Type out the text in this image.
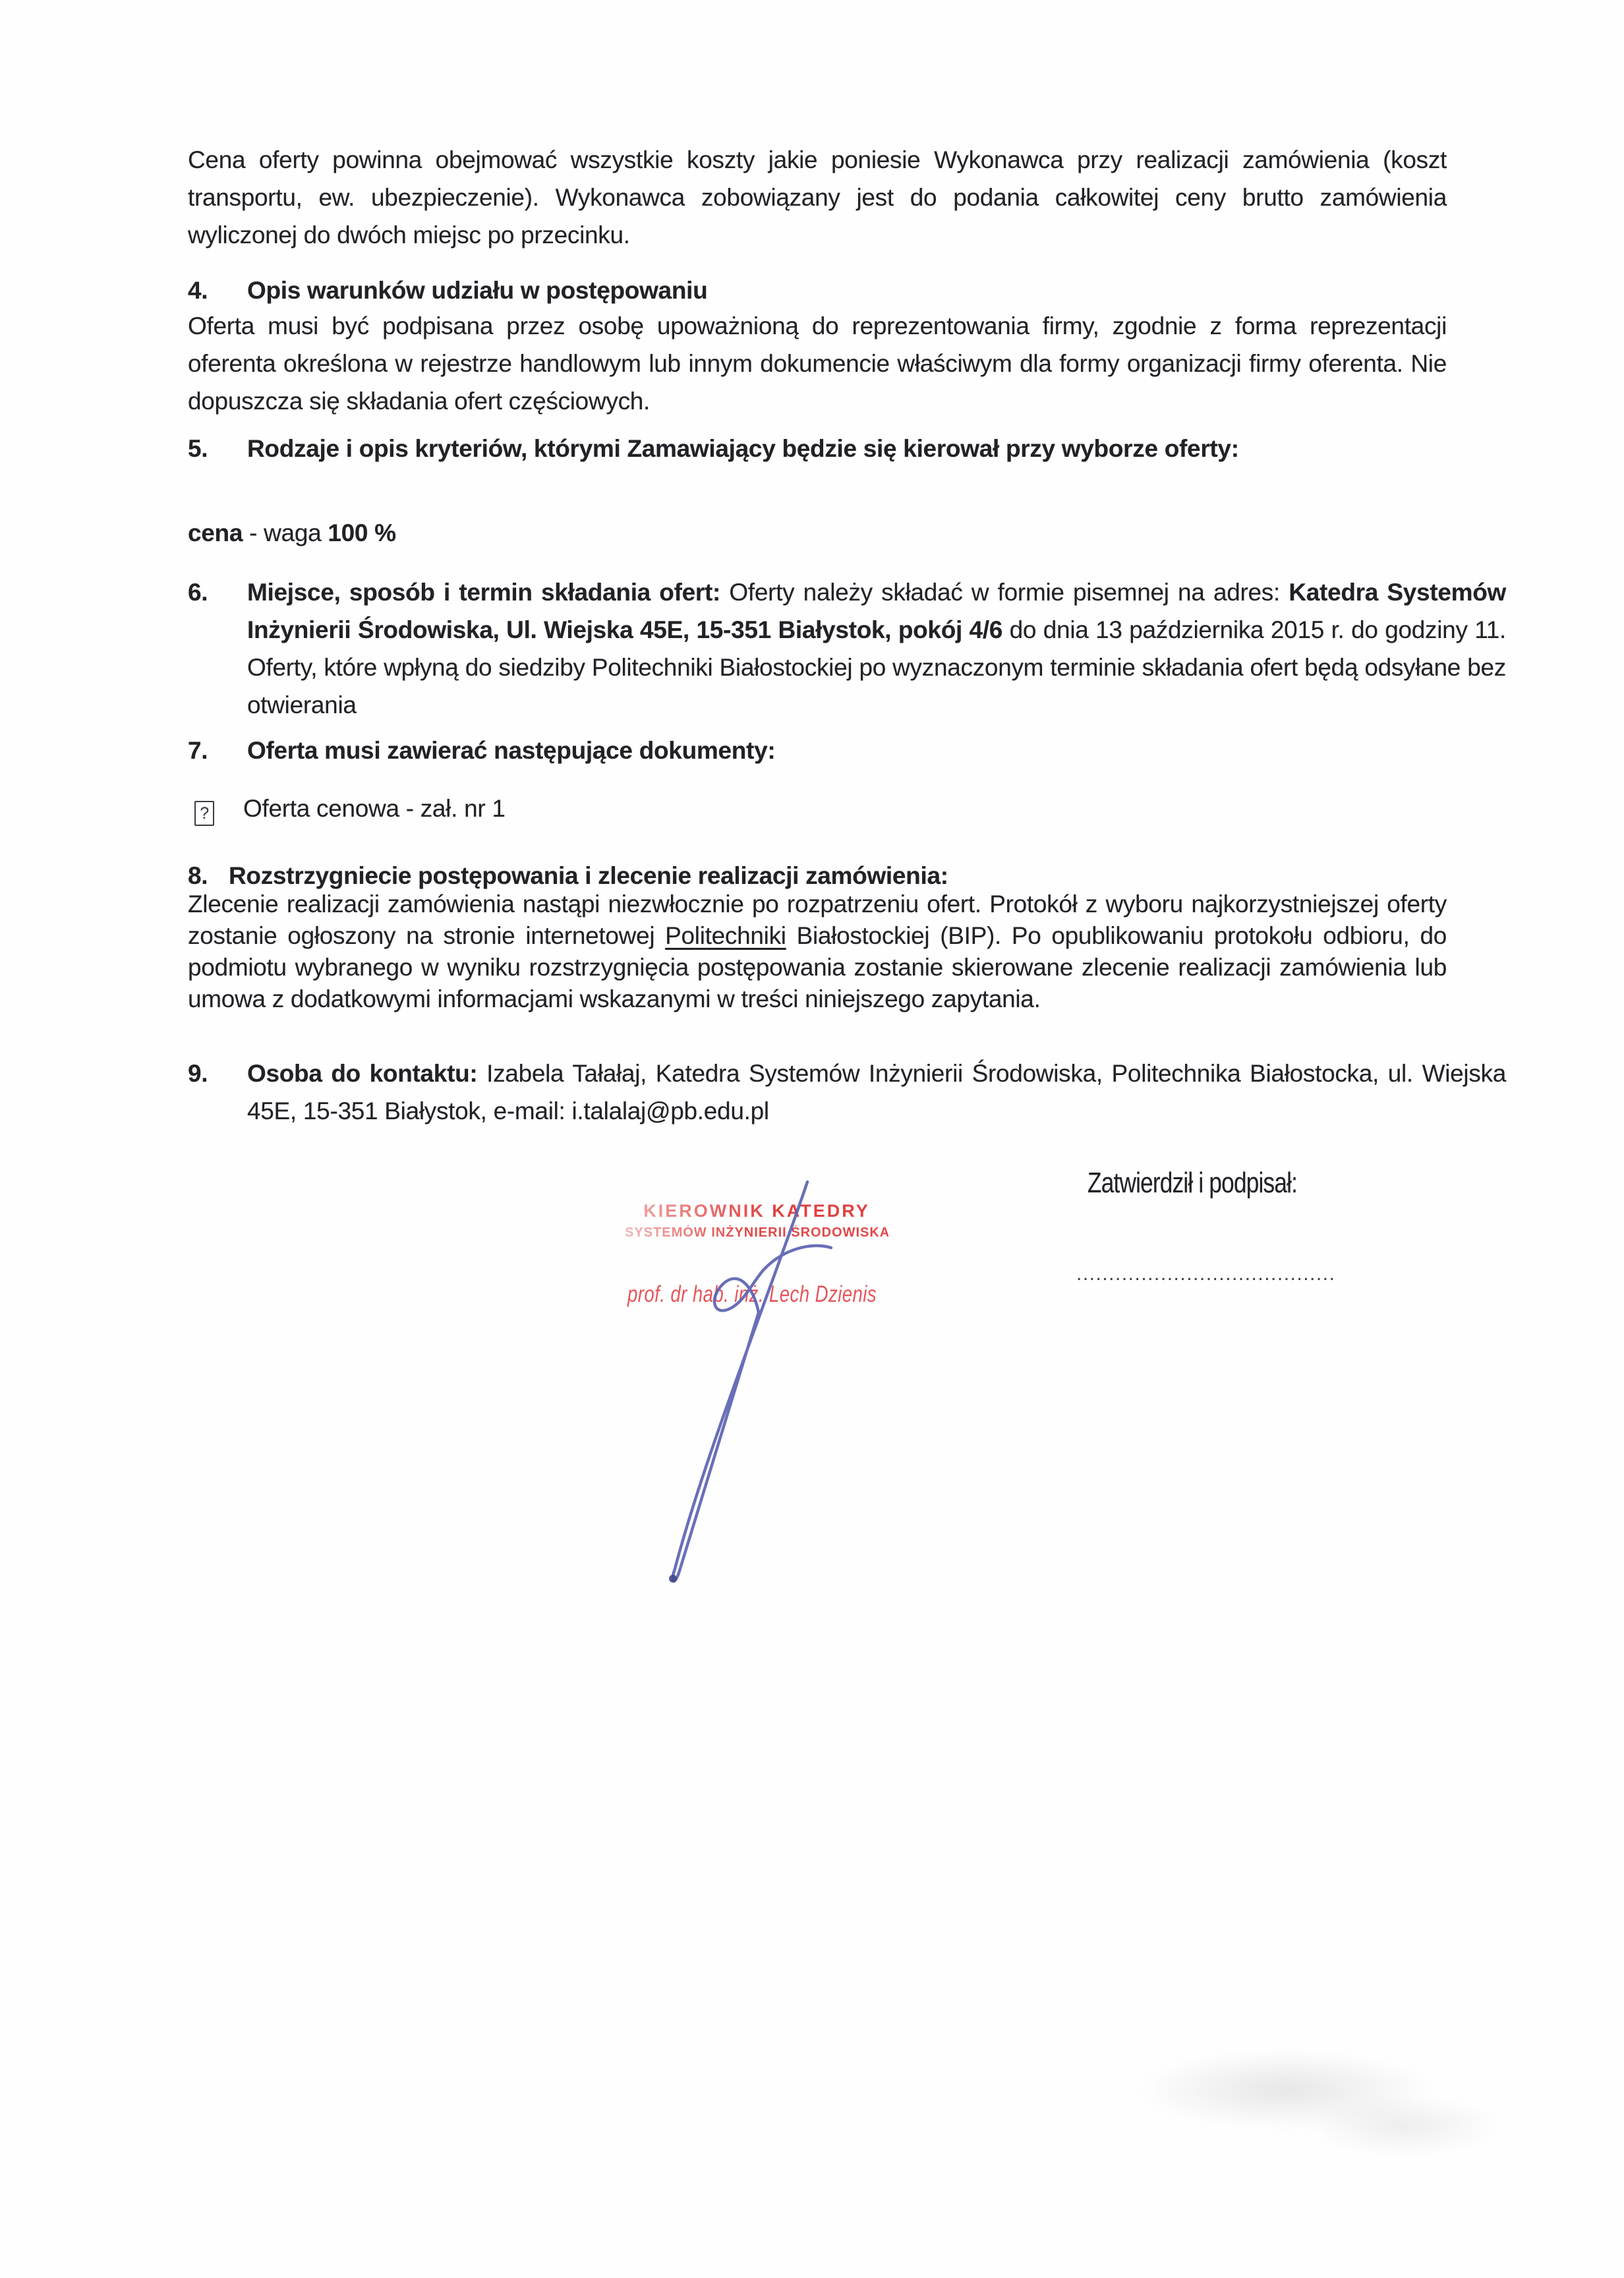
Cena oferty powinna obejmować wszystkie koszty jakie poniesie Wykonawca przy realizacji zamówienia (koszt transportu, ew. ubezpieczenie). Wykonawca zobowiązany jest do podania całkowitej ceny brutto zamówienia wyliczonej do dwóch miejsc po przecinku.
4. Opis warunków udziału w postępowaniu
Oferta musi być podpisana przez osobę upoważnioną do reprezentowania firmy, zgodnie z forma reprezentacji oferenta określona w rejestrze handlowym lub innym dokumencie właściwym dla formy organizacji firmy oferenta. Nie dopuszcza się składania ofert częściowych.
5. Rodzaje i opis kryteriów, którymi Zamawiający będzie się kierował przy wyborze oferty:
cena - waga 100 %
6. Miejsce, sposób i termin składania ofert: Oferty należy składać w formie pisemnej na adres: Katedra Systemów Inżynierii Środowiska, Ul. Wiejska 45E, 15-351 Białystok, pokój 4/6 do dnia 13 października 2015 r. do godziny 11. Oferty, które wpłyną do siedziby Politechniki Białostockiej po wyznaczonym terminie składania ofert będą odsyłane bez otwierania
7. Oferta musi zawierać następujące dokumenty:
? Oferta cenowa - zał. nr 1
8. Rozstrzygniecie postępowania i zlecenie realizacji zamówienia:
Zlecenie realizacji zamówienia nastąpi niezwłocznie po rozpatrzeniu ofert. Protokół z wyboru najkorzystniejszej oferty zostanie ogłoszony na stronie internetowej Politechniki Białostockiej (BIP). Po opublikowaniu protokołu odbioru, do podmiotu wybranego w wyniku rozstrzygnięcia postępowania zostanie skierowane zlecenie realizacji zamówienia lub umowa z dodatkowymi informacjami wskazanymi w treści niniejszego zapytania.
9. Osoba do kontaktu: Izabela Tałałaj, Katedra Systemów Inżynierii Środowiska, Politechnika Białostocka, ul. Wiejska 45E, 15-351 Białystok, e-mail: i.talalaj@pb.edu.pl
Zatwierdził i podpisał:
........................................
KIEROWNIK KATEDRY
SYSTEMÓW INŻYNIERII ŚRODOWISKA
prof. dr hab. inż. Lech Dzienis
